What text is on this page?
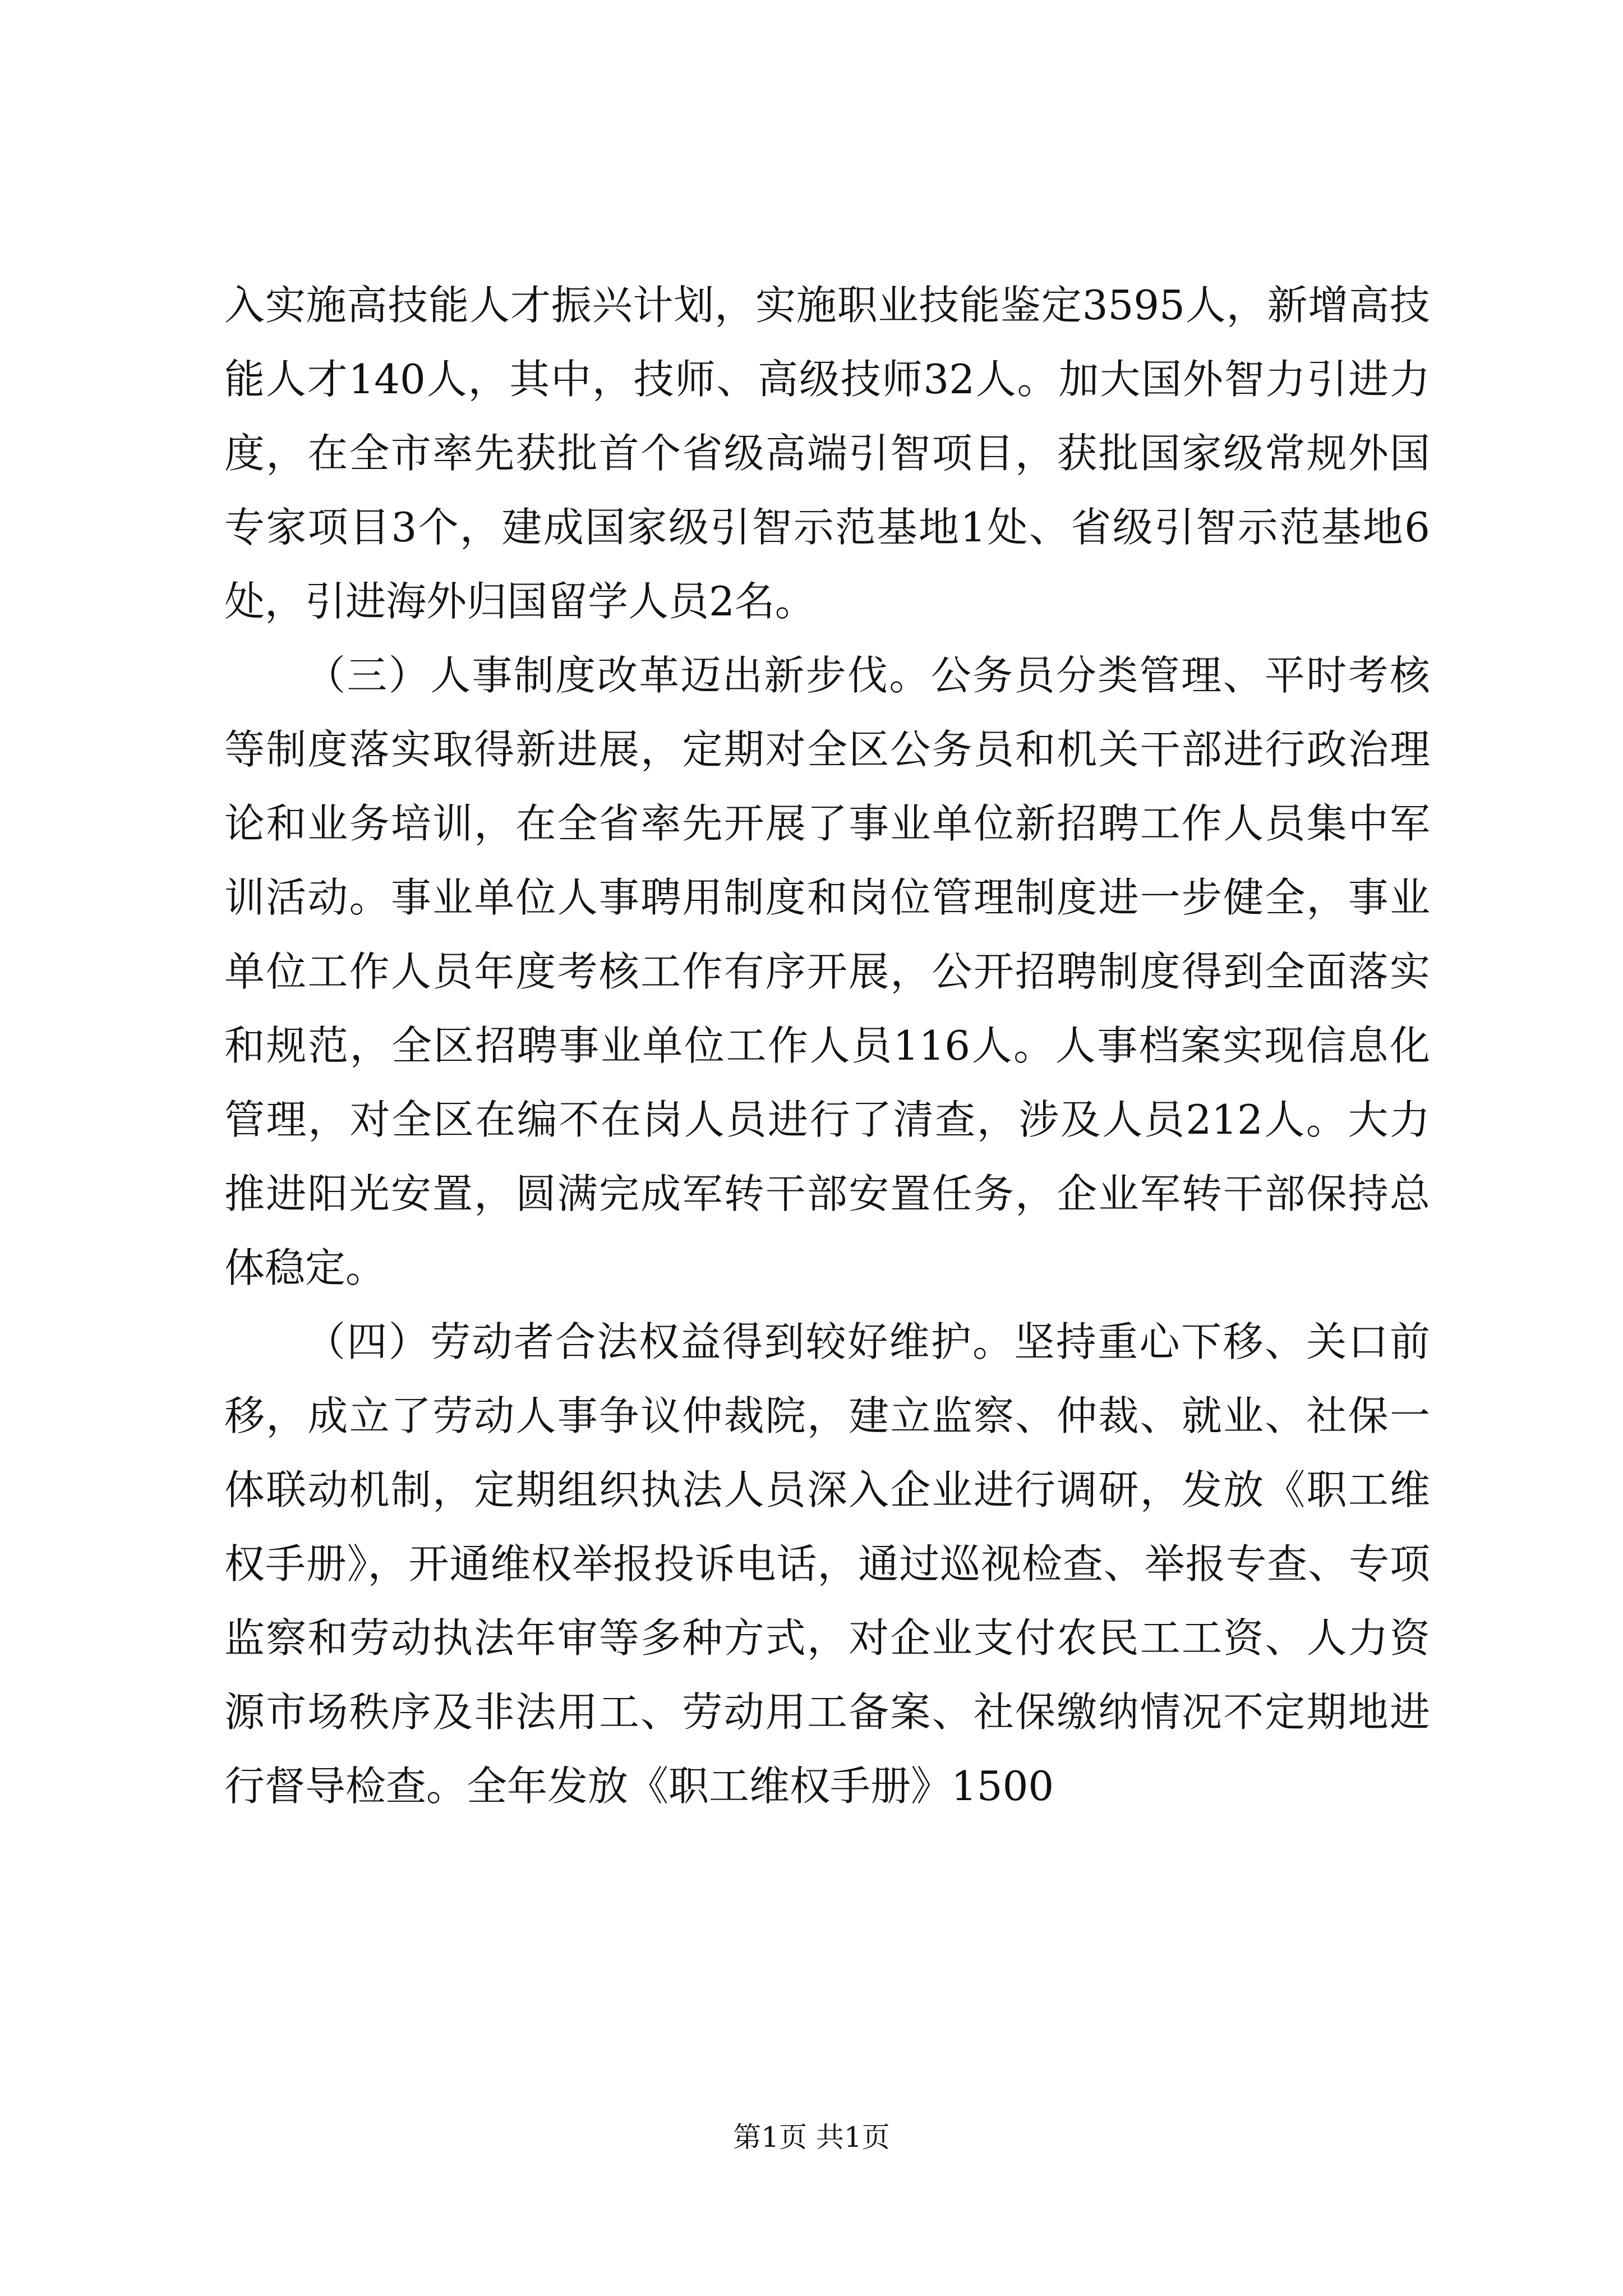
入实施高技能人才振兴计划，实施职业技能鉴定3595人，新增高技能人才140人，其中，技师、高级技师32人。加大国外智力引进力度，在全市率先获批首个省级高端引智项目，获批国家级常规外国专家项目3个，建成国家级引智示范基地1处、省级引智示范基地6处，引进海外归国留学人员2名。

（三）人事制度改革迈出新步伐。公务员分类管理、平时考核等制度落实取得新进展，定期对全区公务员和机关干部进行政治理论和业务培训，在全省率先开展了事业单位新招聘工作人员集中军训活动。事业单位人事聘用制度和岗位管理制度进一步健全，事业单位工作人员年度考核工作有序开展，公开招聘制度得到全面落实和规范，全区招聘事业单位工作人员116人。人事档案实现信息化管理，对全区在编不在岗人员进行了清查，涉及人员212人。大力推进阳光安置，圆满完成军转干部安置任务，企业军转干部保持总体稳定。

（四）劳动者合法权益得到较好维护。坚持重心下移、关口前移，成立了劳动人事争议仲裁院，建立监察、仲裁、就业、社保一体联动机制，定期组织执法人员深入企业进行调研，发放《职工维权手册》，开通维权举报投诉电话，通过巡视检查、举报专查、专项监察和劳动执法年审等多种方式，对企业支付农民工工资、人力资源市场秩序及非法用工、劳动用工备案、社保缴纳情况不定期地进行督导检查。全年发放《职工维权手册》1500

第1页 共1页
